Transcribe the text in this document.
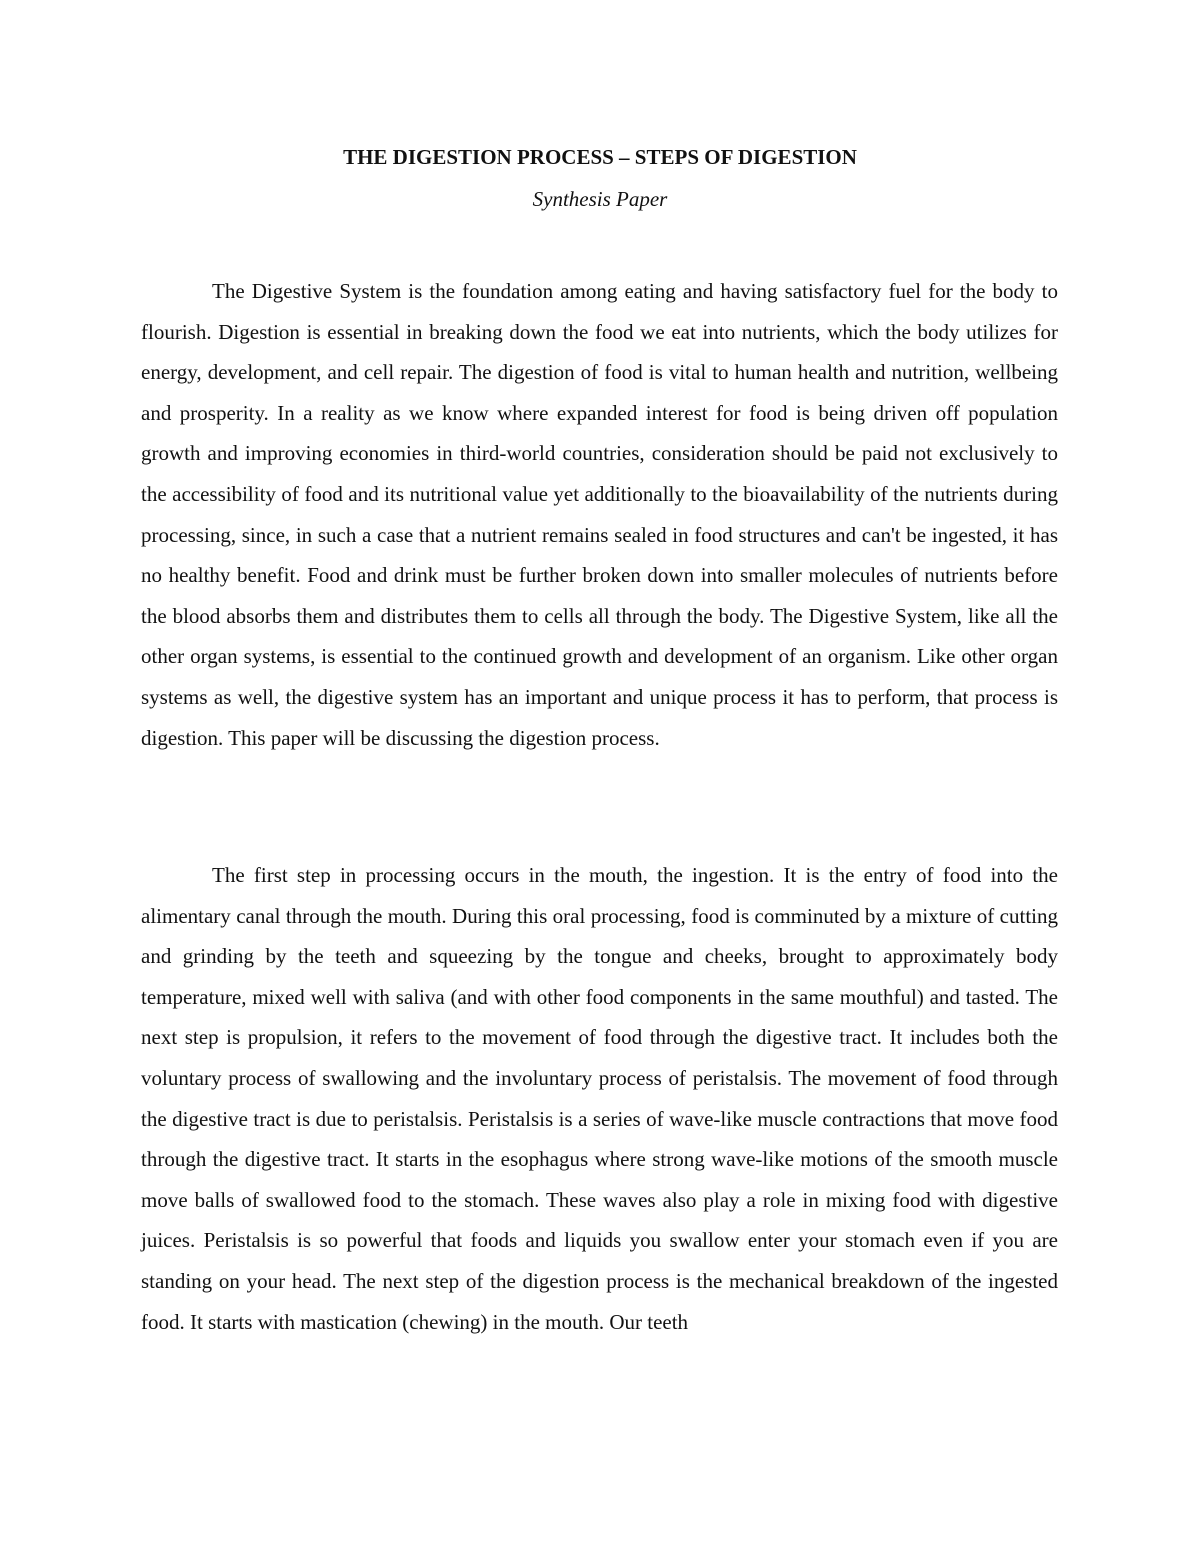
THE DIGESTION PROCESS – STEPS OF DIGESTION

Synthesis Paper

The Digestive System is the foundation among eating and having satisfactory fuel for the body to flourish. Digestion is essential in breaking down the food we eat into nutrients, which the body utilizes for energy, development, and cell repair. The digestion of food is vital to human health and nutrition, wellbeing and prosperity. In a reality as we know where expanded interest for food is being driven off population growth and improving economies in third-world countries, consideration should be paid not exclusively to the accessibility of food and its nutritional value yet additionally to the bioavailability of the nutrients during processing, since, in such a case that a nutrient remains sealed in food structures and can't be ingested, it has no healthy benefit. Food and drink must be further broken down into smaller molecules of nutrients before the blood absorbs them and distributes them to cells all through the body. The Digestive System, like all the other organ systems, is essential to the continued growth and development of an organism. Like other organ systems as well, the digestive system has an important and unique process it has to perform, that process is digestion. This paper will be discussing the digestion process.

The first step in processing occurs in the mouth, the ingestion. It is the entry of food into the alimentary canal through the mouth. During this oral processing, food is comminuted by a mixture of cutting and grinding by the teeth and squeezing by the tongue and cheeks, brought to approximately body temperature, mixed well with saliva (and with other food components in the same mouthful) and tasted. The next step is propulsion, it refers to the movement of food through the digestive tract. It includes both the voluntary process of swallowing and the involuntary process of peristalsis. The movement of food through the digestive tract is due to peristalsis. Peristalsis is a series of wave-like muscle contractions that move food through the digestive tract. It starts in the esophagus where strong wave-like motions of the smooth muscle move balls of swallowed food to the stomach. These waves also play a role in mixing food with digestive juices. Peristalsis is so powerful that foods and liquids you swallow enter your stomach even if you are standing on your head. The next step of the digestion process is the mechanical breakdown of the ingested food. It starts with mastication (chewing) in the mouth. Our teeth
